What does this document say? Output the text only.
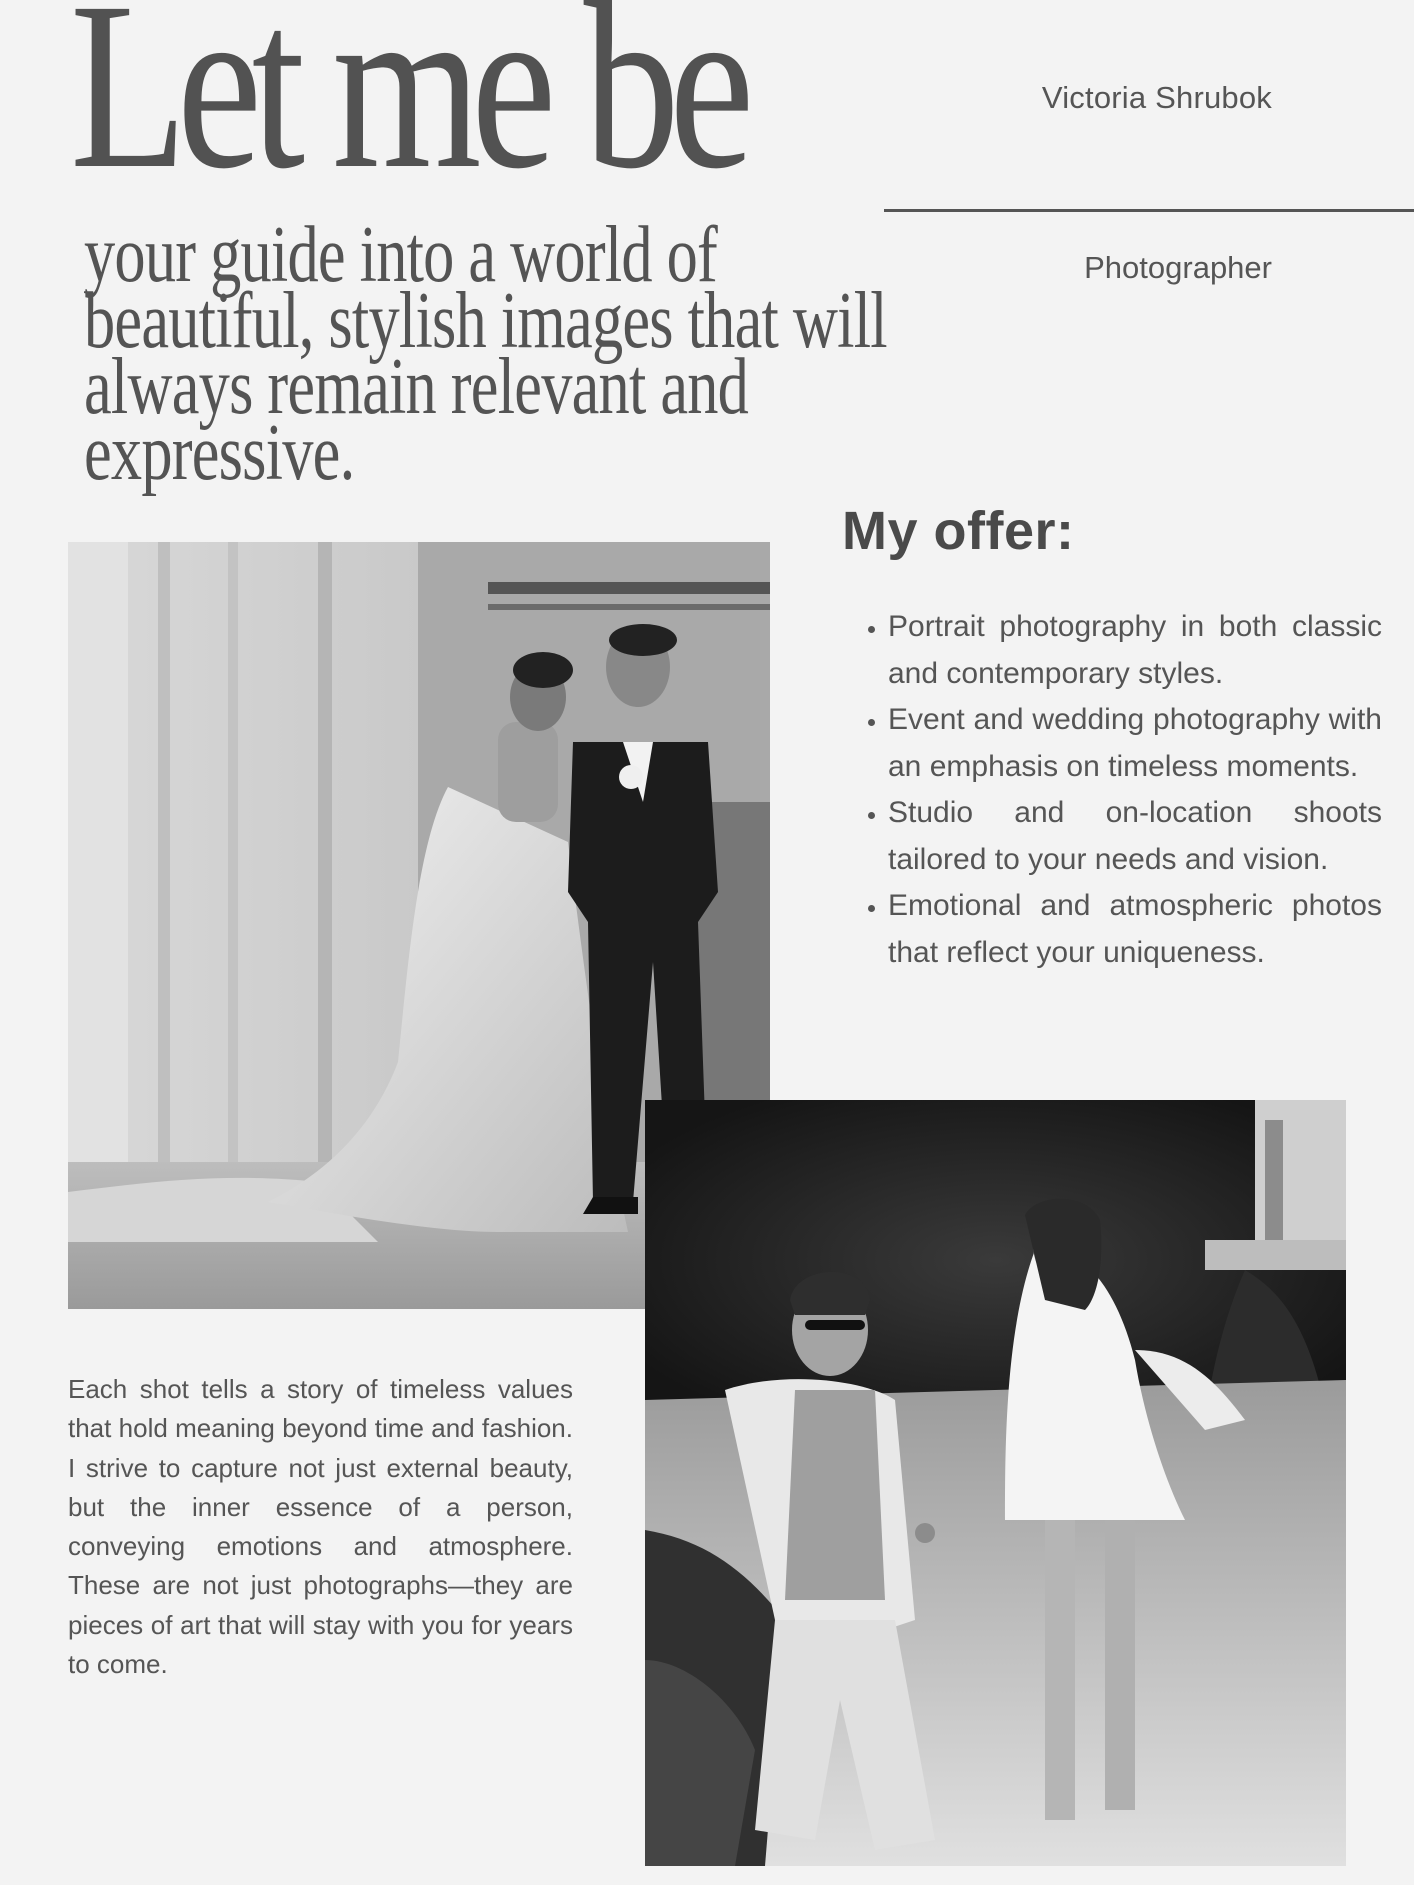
Let me be

your guide into a world of beautiful, stylish images that will always remain relevant and expressive.

Victoria Shrubok
Photographer
My offer:
• Portrait photography in both classic and contemporary styles.
• Event and wedding photography with an emphasis on timeless moments.
• Studio and on-location shoots tailored to your needs and vision.
• Emotional and atmospheric photos that reflect your uniqueness.

Each shot tells a story of timeless values that hold meaning beyond time and fashion. I strive to capture not just external beauty, but the inner essence of a person, conveying emotions and atmosphere. These are not just photographs—they are pieces of art that will stay with you for years to come.
